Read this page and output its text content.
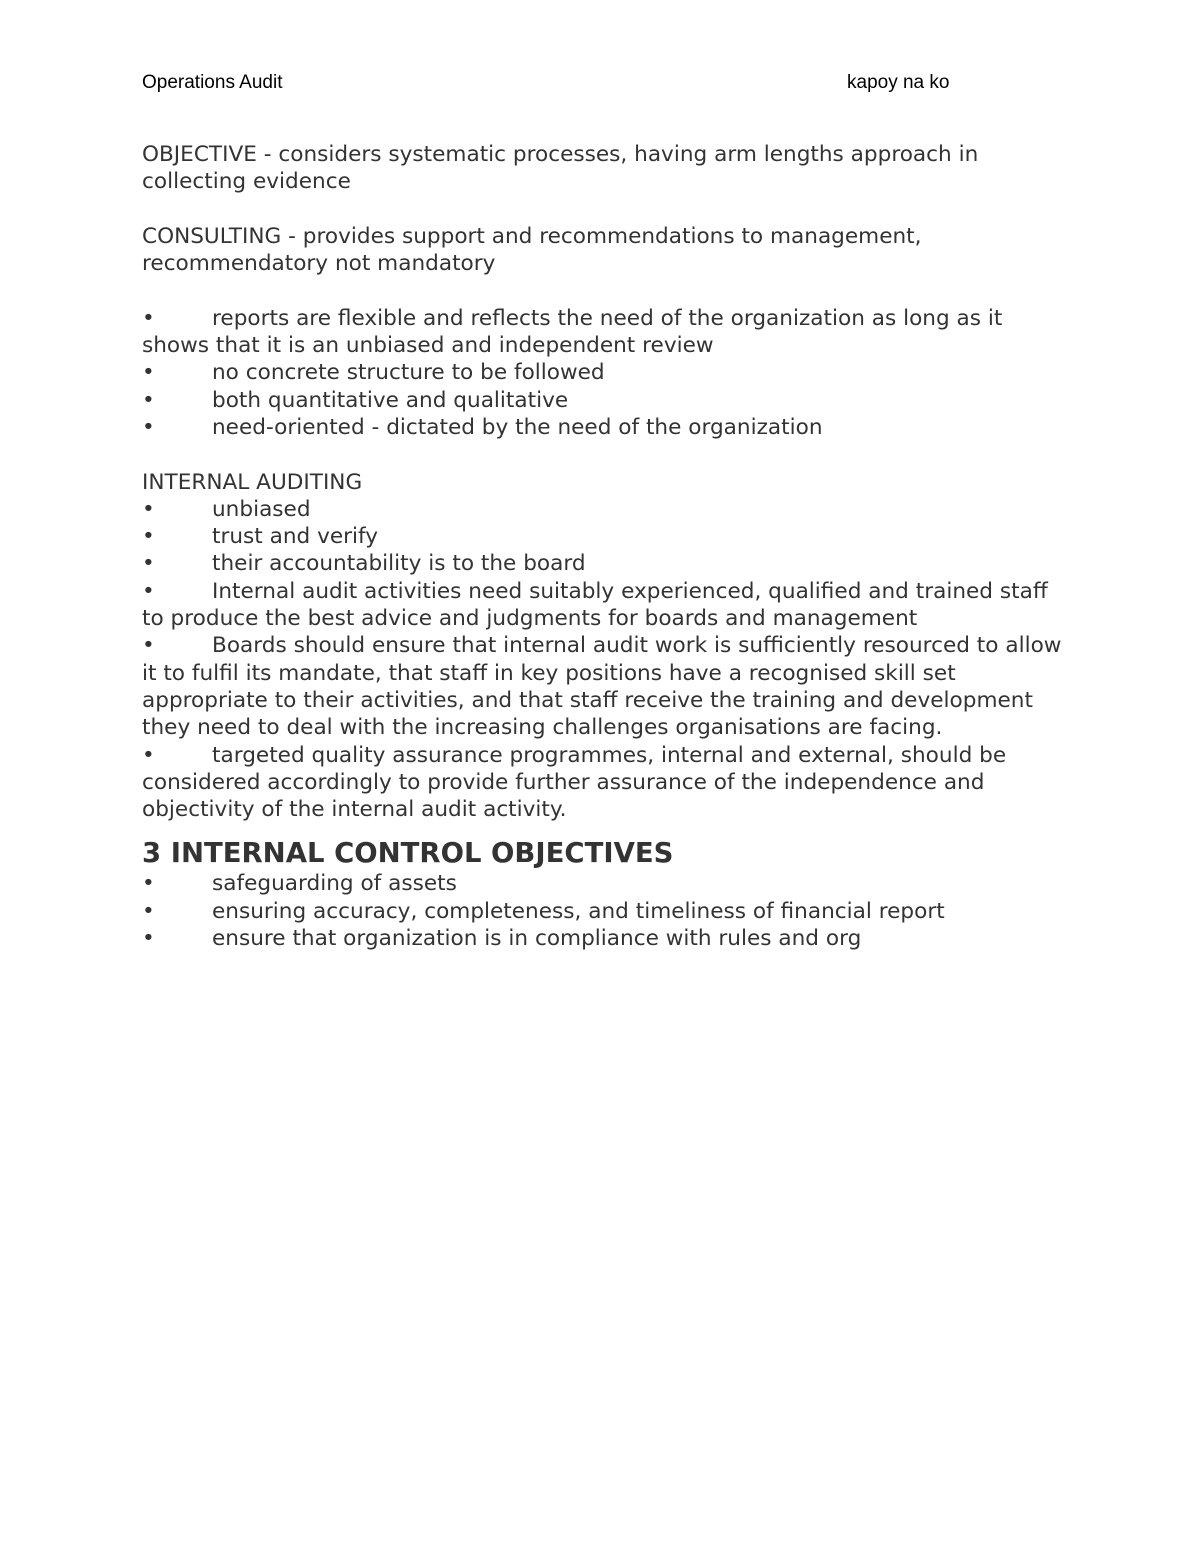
Operations Audit	kapoy na ko

OBJECTIVE - considers systematic processes, having arm lengths approach in collecting evidence

CONSULTING - provides support and recommendations to management, recommendatory not mandatory

•	reports are flexible and reflects the need of the organization as long as it shows that it is an unbiased and independent review

•	no concrete structure to be followed

•	both quantitative and qualitative

•	need-oriented - dictated by the need of the organization

INTERNAL AUDITING

•	unbiased

•	trust and verify

•	their accountability is to the board

•	Internal audit activities need suitably experienced, qualified and trained staff to produce the best advice and judgments for boards and management

•	Boards should ensure that internal audit work is sufficiently resourced to allow it to fulfil its mandate, that staff in key positions have a recognised skill set appropriate to their activities, and that staff receive the training and development they need to deal with the increasing challenges organisations are facing.

•	targeted quality assurance programmes, internal and external, should be considered accordingly to provide further assurance of the independence and objectivity of the internal audit activity.

3 INTERNAL CONTROL OBJECTIVES

•	safeguarding of assets

•	ensuring accuracy, completeness, and timeliness of financial report

•	ensure that organization is in compliance with rules and org
